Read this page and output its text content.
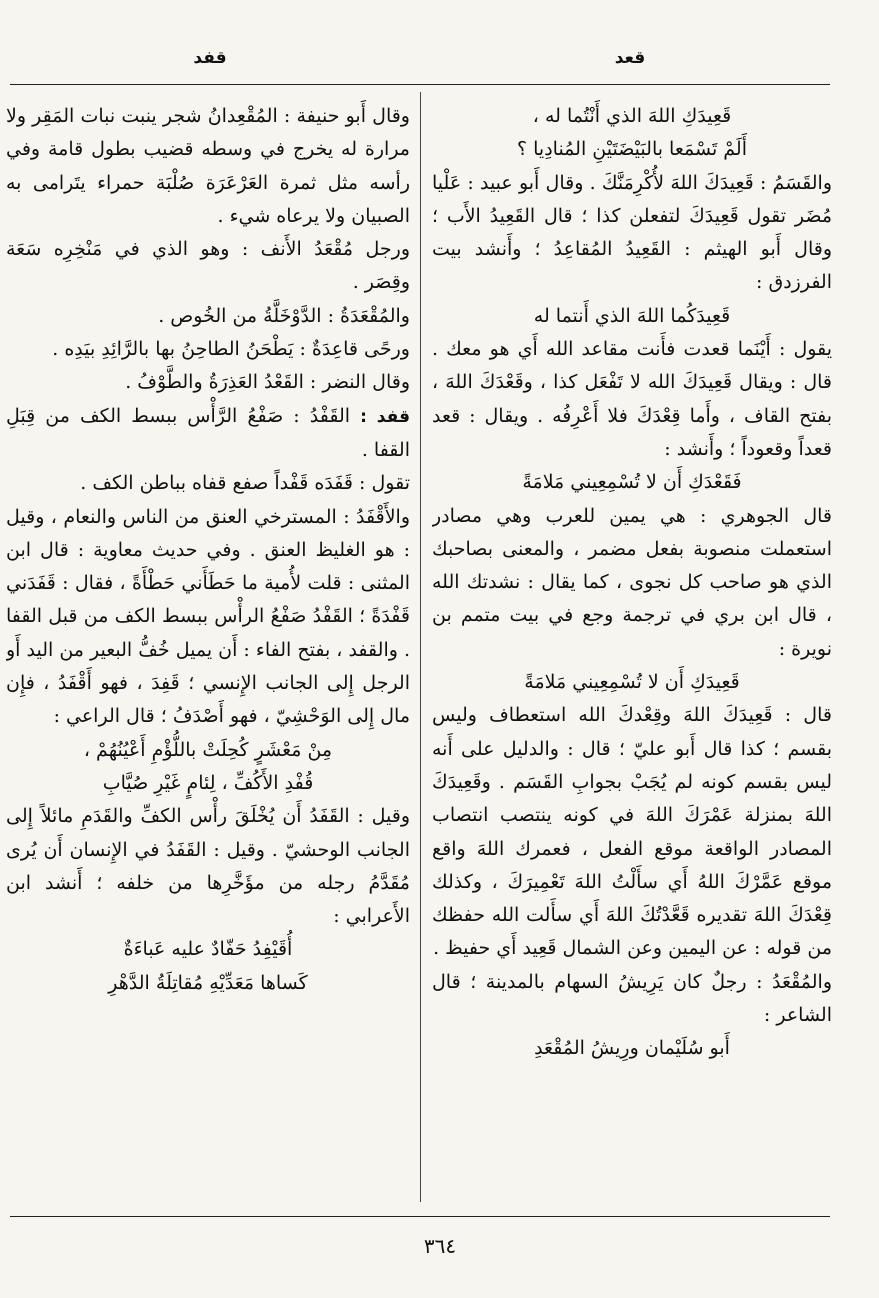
قعد
قفد

قَعِيدَكِ اللهَ الذي أَنْتُما له ،

أَلَمْ تَسْمَعا بالبَيْضَتَيْنِ المُنادِيا ؟

والقَسَمُ : قَعِيدَكَ اللهَ لأُكْرِمَنَّكَ . وقال أَبو عبيد : عَلْيا مُضَر تقول قَعِيدَكَ لتفعلن كذا ؛ قال القَعِيدُ الأَب ؛ وقال أَبو الهيثم : القَعِيدُ المُقاعِدُ ؛ وأَنشد بيت الفرزدق :

قَعِيدَكُما اللهَ الذي أَنتما له

يقول : أَيْنَما قعدت فأَنت مقاعد الله أَي هو معك . قال : ويقال قَعِيدَكَ الله لا تَفْعَل كذا ، وقَعْدَكَ اللهَ ، بفتح القاف ، وأَما قِعْدَكَ فلا أَعْرِفُه . ويقال : قعد قعداً وقعوداً ؛ وأَنشد :

فَقَعْدَكِ أَن لا تُسْمِعِيني مَلامَةً

قال الجوهري : هي يمين للعرب وهي مصادر استعملت منصوبة بفعل مضمر ، والمعنى بصاحبك الذي هو صاحب كل نجوى ، كما يقال : نشدتك الله ، قال ابن بري في ترجمة وجع في بيت متمم بن نويرة :

قَعِيدَكِ أَن لا تُسْمِعِيني مَلامَةً

قال : قَعِيدَكَ اللهَ وقِعْدكَ الله استعطاف وليس بقسم ؛ كذا قال أَبو عليّ ؛ قال : والدليل على أَنه ليس بقسم كونه لم يُجَبْ بجوابِ القَسَم . وقَعِيدَكَ اللهَ بمنزلة عَمْرَكَ اللهَ في كونه ينتصب انتصاب المصادر الواقعة موقع الفعل ، فعمرك اللهَ واقع موقع عَمَّرْكَ اللهُ أَي سأَلْتُ اللهَ تَعْمِيرَكَ ، وكذلك قِعْدَكَ اللهَ تقديره قَعَّدْتُكَ اللهَ أَي سأَلت الله حفظك من قوله : عن اليمين وعن الشمال قَعِيد أَي حفيظ .

والمُقْعَدُ : رجلٌ كان يَرِيشُ السهام بالمدينة ؛ قال الشاعر :

أَبو سُلَيْمان ورِيشُ المُقْعَدِ

وقال أَبو حنيفة : المُقْعِدانُ شجر ينبت نبات المَقِر ولا مرارة له يخرج في وسطه قضيب بطول قامة وفي رأسه مثل ثمرة العَرْعَرَة صُلْبَة حمراء يتَرامى به الصبيان ولا يرعاه شيء .

ورجل مُقْعَدُ الأَنف : وهو الذي في مَنْخِرِه سَعَة وقِصَر .

والمُقْعَدَةُ : الدَّوْخَلَّةُ من الخُوص .

ورحًى قاعِدَةٌ : يَطْحَنُ الطاحِنُ بها بالرَّائِدِ بيَدِه .

وقال النضر : القَعْدُ العَذِرَةُ والطَّوْفُ .

قفد : القَفْدُ : صَفْعُ الرَّأْس ببسط الكف من قِبَلِ القفا .

تقول : قَفَدَه قَفْداً صفع قفاه بباطن الكف .

والأَقْفَدُ : المسترخي العنق من الناس والنعام ، وقيل : هو الغليظ العنق . وفي حديث معاوية : قال ابن المثنى : قلت لأُمية ما حَطَأَني حَطْأَةً ، فقال : قَفَدَني قَفْدَةً ؛ القَفْدُ صَفْعُ الرأْس ببسط الكف من قبل القفا . والقفد ، بفتح الفاء : أَن يميل خُفُّ البعير من اليد أَو الرجل إِلى الجانب الإِنسي ؛ قَفِدَ ، فهو أَقْفَدُ ، فإِن مال إِلى الوَحْشِيّ ، فهو أَصْدَفُ ؛ قال الراعي :

مِنْ مَعْشَرٍ كُحِلَتْ باللُّؤْمِ أَعْيُنُهُمْ ،

قُفْدِ الأَكُفِّ ، لِئامٍ غَيْرِ صُيَّابِ

وقيل : القَفَدُ أَن يُخْلَقَ رأْس الكفِّ والقَدَمِ مائلاً إِلى الجانب الوحشيّ . وقيل : القَفَدُ في الإِنسان أَن يُرى مُقَدَّمُ رجله من مؤَخَّرِها من خلفه ؛ أَنشد ابن الأَعرابي :

أُقَيْفِدُ حَفّادٌ عليه عَباءَةٌ

كَساها مَعَدِّيْهِ مُقاتِلَةُ الدَّهْرِ

٣٦٤
